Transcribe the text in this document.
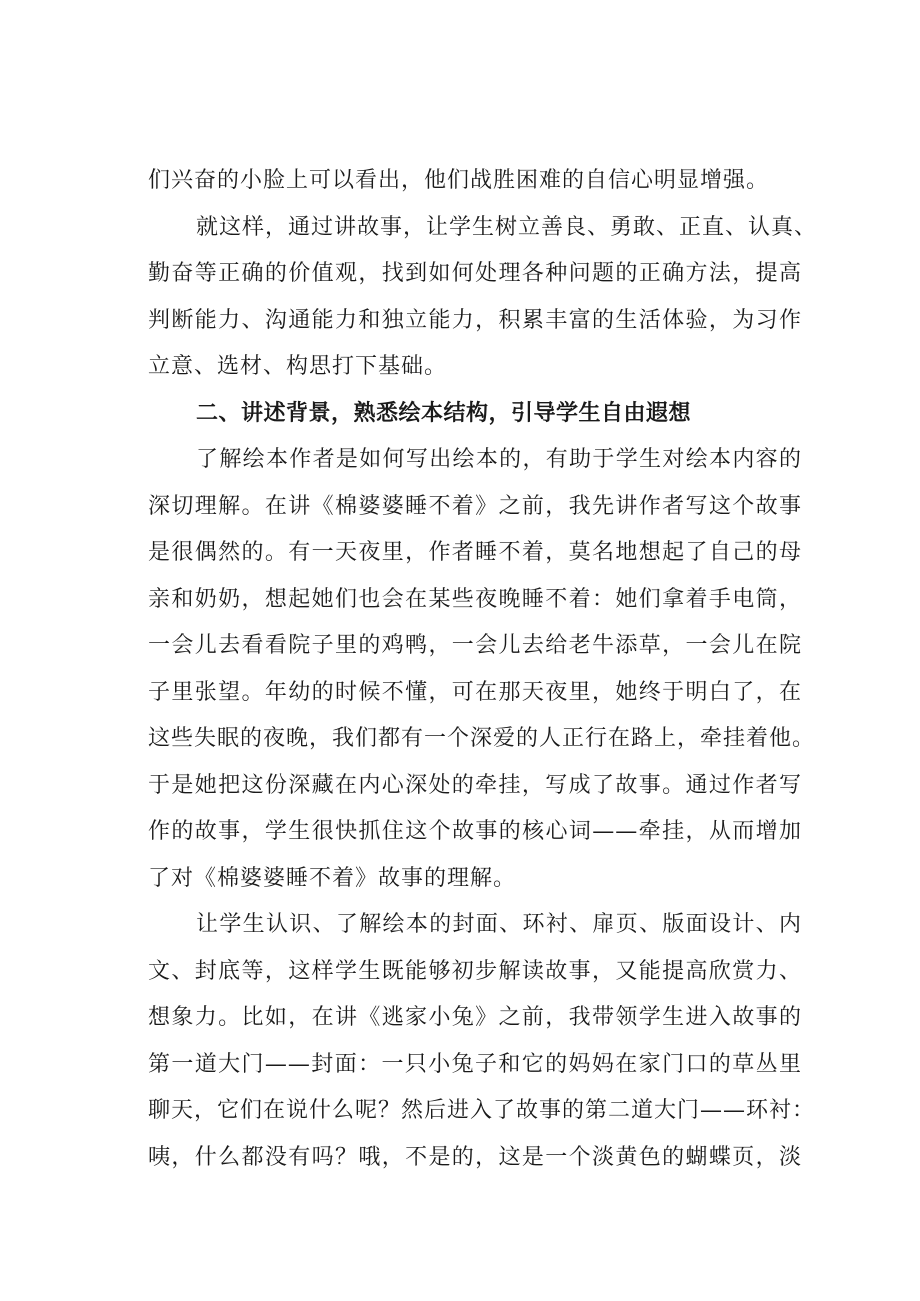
们兴奋的小脸上可以看出，他们战胜困难的自信心明显增强。
就这样，通过讲故事，让学生树立善良、勇敢、正直、认真、
勤奋等正确的价值观，找到如何处理各种问题的正确方法，提高
判断能力、沟通能力和独立能力，积累丰富的生活体验，为习作
立意、选材、构思打下基础。
二、讲述背景，熟悉绘本结构，引导学生自由遐想
了解绘本作者是如何写出绘本的，有助于学生对绘本内容的
深切理解。在讲《棉婆婆睡不着》之前，我先讲作者写这个故事
是很偶然的。有一天夜里，作者睡不着，莫名地想起了自己的母
亲和奶奶，想起她们也会在某些夜晚睡不着：她们拿着手电筒，
一会儿去看看院子里的鸡鸭，一会儿去给老牛添草，一会儿在院
子里张望。年幼的时候不懂，可在那天夜里，她终于明白了，在
这些失眠的夜晚，我们都有一个深爱的人正行在路上，牵挂着他。
于是她把这份深藏在内心深处的牵挂，写成了故事。通过作者写
作的故事，学生很快抓住这个故事的核心词——牵挂，从而增加
了对《棉婆婆睡不着》故事的理解。
让学生认识、了解绘本的封面、环衬、扉页、版面设计、内
文、封底等，这样学生既能够初步解读故事，又能提高欣赏力、
想象力。比如，在讲《逃家小兔》之前，我带领学生进入故事的
第一道大门——封面：一只小兔子和它的妈妈在家门口的草丛里
聊天，它们在说什么呢？然后进入了故事的第二道大门——环衬：
咦，什么都没有吗？哦，不是的，这是一个淡黄色的蝴蝶页，淡
